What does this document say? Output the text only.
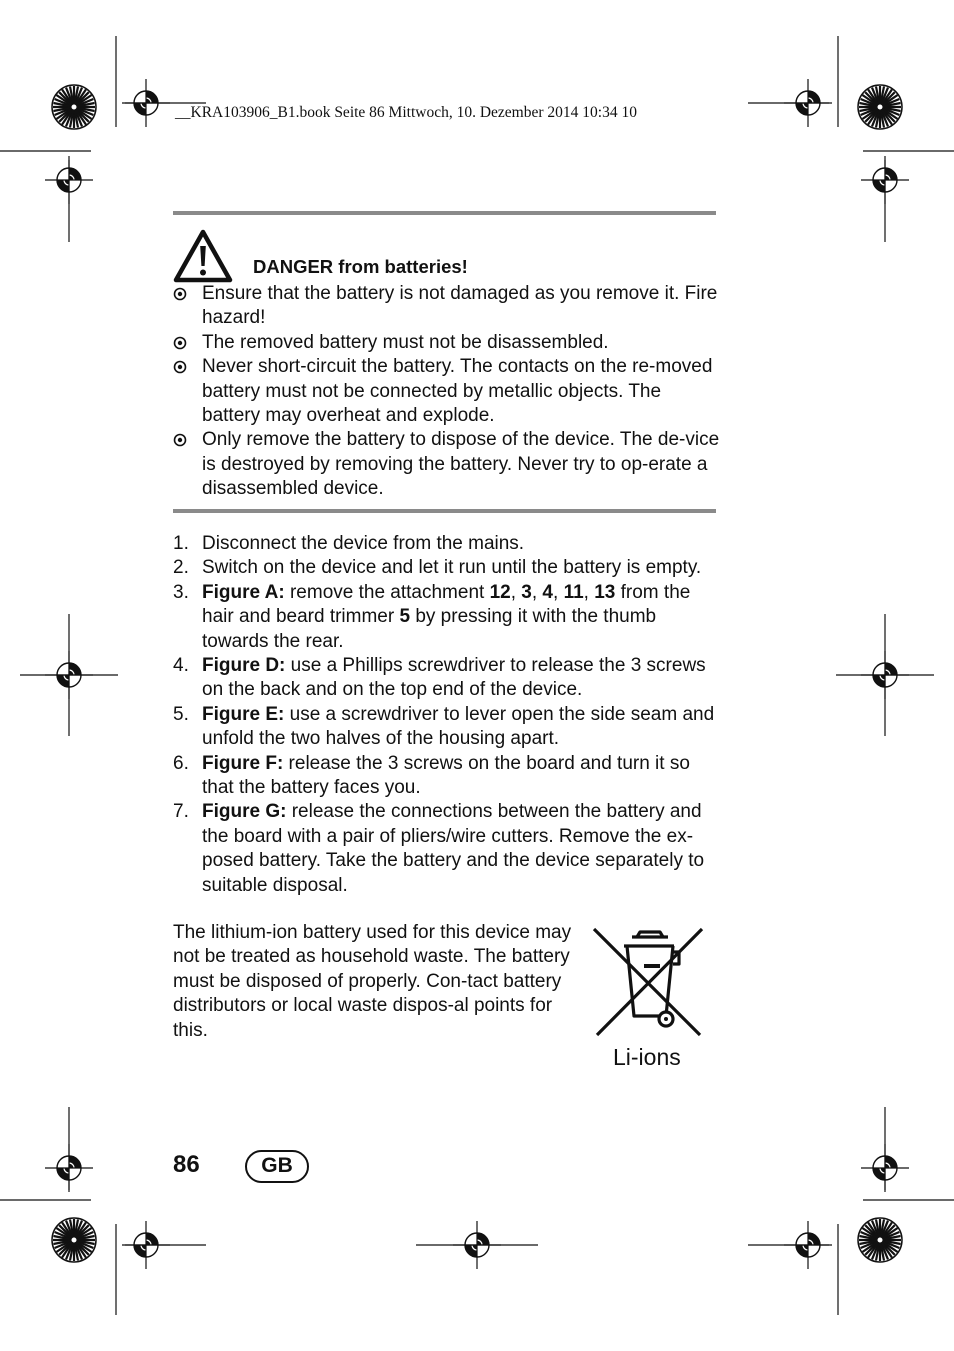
__KRA103906_B1.book Seite 86 Mittwoch, 10. Dezember 2014 10:34 10
DANGER from batteries!
Ensure that the battery is not damaged as you remove it. Fire hazard!
The removed battery must not be disassembled.
Never short-circuit the battery. The contacts on the re-moved battery must not be connected by metallic objects. The battery may overheat and explode.
Only remove the battery to dispose of the device. The de-vice is destroyed by removing the battery. Never try to op-erate a disassembled device.
1. Disconnect the device from the mains.
2. Switch on the device and let it run until the battery is empty.
3. Figure A: remove the attachment 12, 3, 4, 11, 13 from the hair and beard trimmer 5 by pressing it with the thumb towards the rear.
4. Figure D: use a Phillips screwdriver to release the 3 screws on the back and on the top end of the device.
5. Figure E: use a screwdriver to lever open the side seam and unfold the two halves of the housing apart.
6. Figure F: release the 3 screws on the board and turn it so that the battery faces you.
7. Figure G: release the connections between the battery and the board with a pair of pliers/wire cutters. Remove the ex-posed battery. Take the battery and the device separately to suitable disposal.
The lithium-ion battery used for this device may not be treated as household waste. The battery must be disposed of properly. Con-tact battery distributors or local waste dispos-al points for this.
Li-ions
86	GB
